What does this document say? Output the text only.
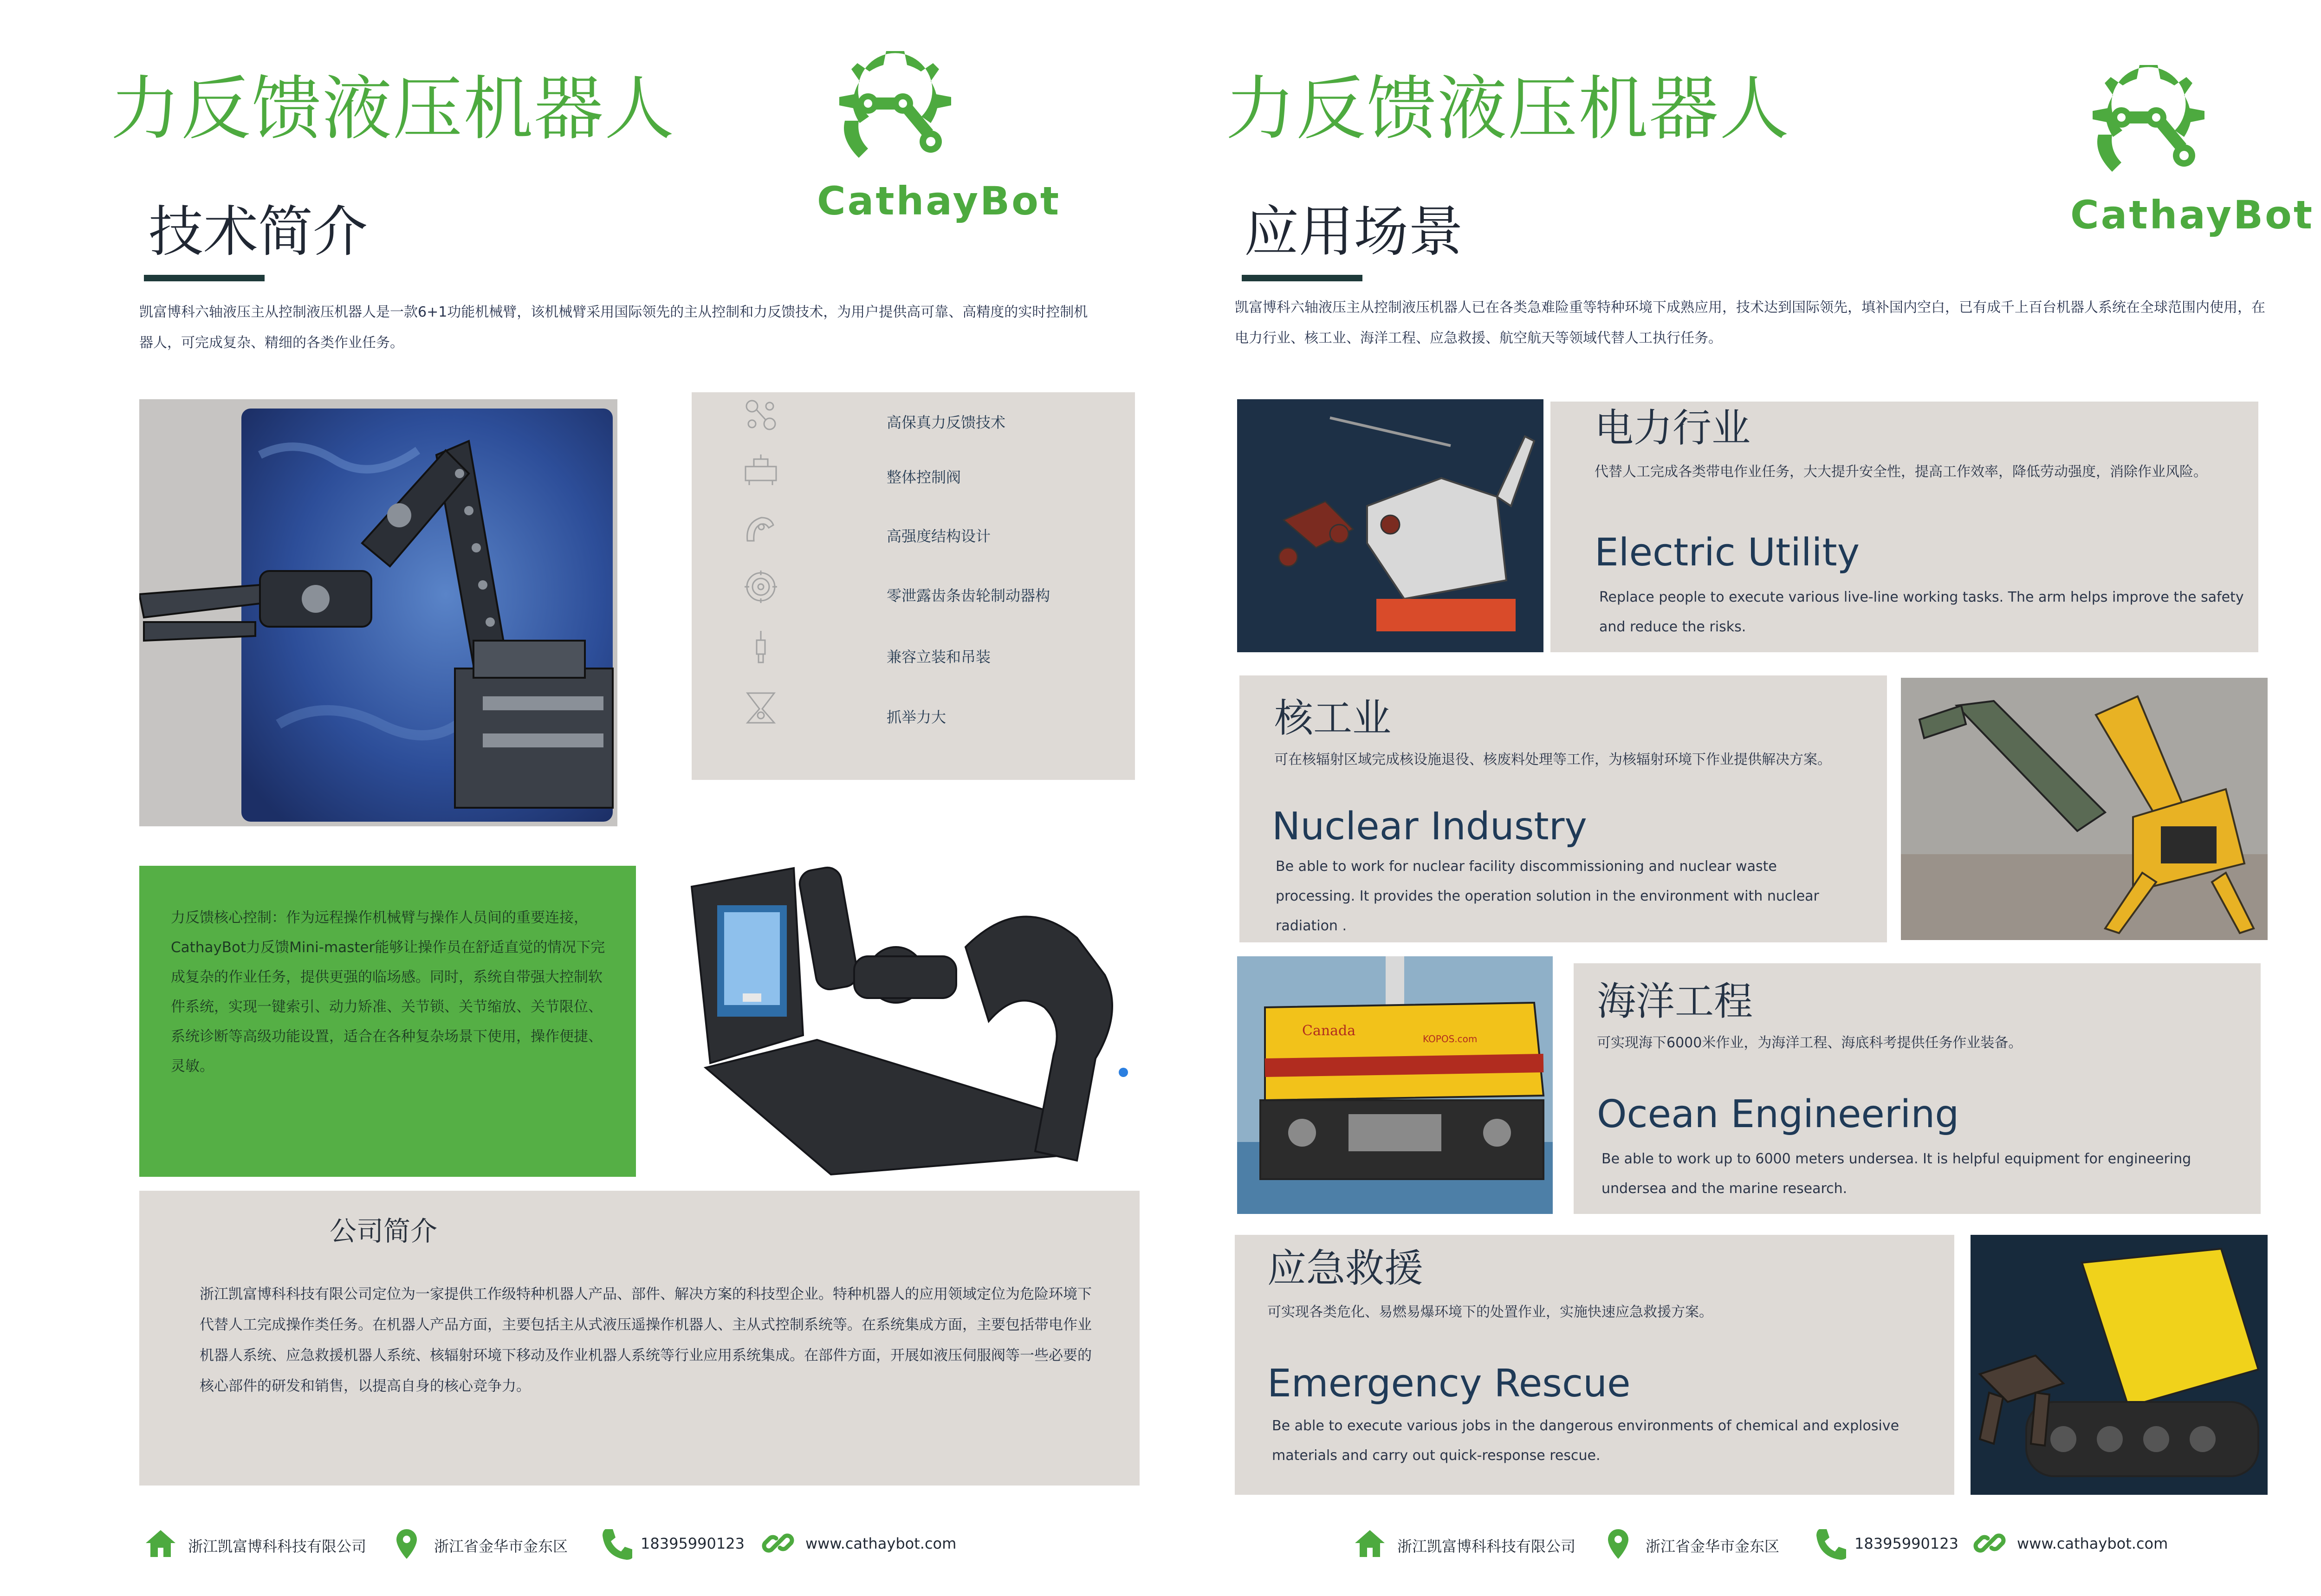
力反馈液压机器人
CathayBot
技术简介
凯富博科六轴液压主从控制液压机器人是一款6+1功能机械臂，该机械臂采用国际领先的主从控制和力反馈技术，为用户提供高可靠、高精度的实时控制机器人，可完成复杂、精细的各类作业任务。
高保真力反馈技术
整体控制阀
高强度结构设计
零泄露齿条齿轮制动器构
兼容立装和吊装
抓举力大
力反馈核心控制：作为远程操作机械臂与操作人员间的重要连接，CathayBot力反馈Mini-master能够让操作员在舒适直觉的情况下完成复杂的作业任务，提供更强的临场感。同时，系统自带强大控制软件系统，实现一键索引、动力矫准、关节锁、关节缩放、关节限位、系统诊断等高级功能设置，适合在各种复杂场景下使用，操作便捷、灵敏。
公司简介
浙江凯富博科科技有限公司定位为一家提供工作级特种机器人产品、部件、解决方案的科技型企业。特种机器人的应用领域定位为危险环境下代替人工完成操作类任务。在机器人产品方面，主要包括主从式液压遥操作机器人、主从式控制系统等。在系统集成方面，主要包括带电作业机器人系统、应急救援机器人系统、核辐射环境下移动及作业机器人系统等行业应用系统集成。在部件方面，开展如液压伺服阀等一些必要的核心部件的研发和销售，以提高自身的核心竞争力。
浙江凯富博科科技有限公司	浙江省金华市金东区	18395990123	www.cathaybot.com
力反馈液压机器人
CathayBot
应用场景
凯富博科六轴液压主从控制液压机器人已在各类急难险重等特种环境下成熟应用，技术达到国际领先，填补国内空白，已有成千上百台机器人系统在全球范围内使用，在电力行业、核工业、海洋工程、应急救援、航空航天等领域代替人工执行任务。
电力行业
代替人工完成各类带电作业任务，大大提升安全性，提高工作效率，降低劳动强度，消除作业风险。
Electric Utility
Replace people to execute various live-line working tasks. The arm helps improve the safety and reduce the risks.
核工业
可在核辐射区域完成核设施退役、核废料处理等工作，为核辐射环境下作业提供解决方案。
Nuclear Industry
Be able to work for nuclear facility discommissioning and nuclear waste processing. It provides the operation solution in the environment with nuclear radiation .
Canada	KOPOS.com
海洋工程
可实现海下6000米作业，为海洋工程、海底科考提供任务作业装备。
Ocean Engineering
Be able to work up to 6000 meters undersea. It is helpful equipment for engineering undersea and the marine research.
应急救援
可实现各类危化、易燃易爆环境下的处置作业，实施快速应急救援方案。
Emergency Rescue
Be able to execute various jobs in the dangerous environments of chemical and explosive materials and carry out quick-response rescue.
浙江凯富博科科技有限公司	浙江省金华市金东区	18395990123	www.cathaybot.com
